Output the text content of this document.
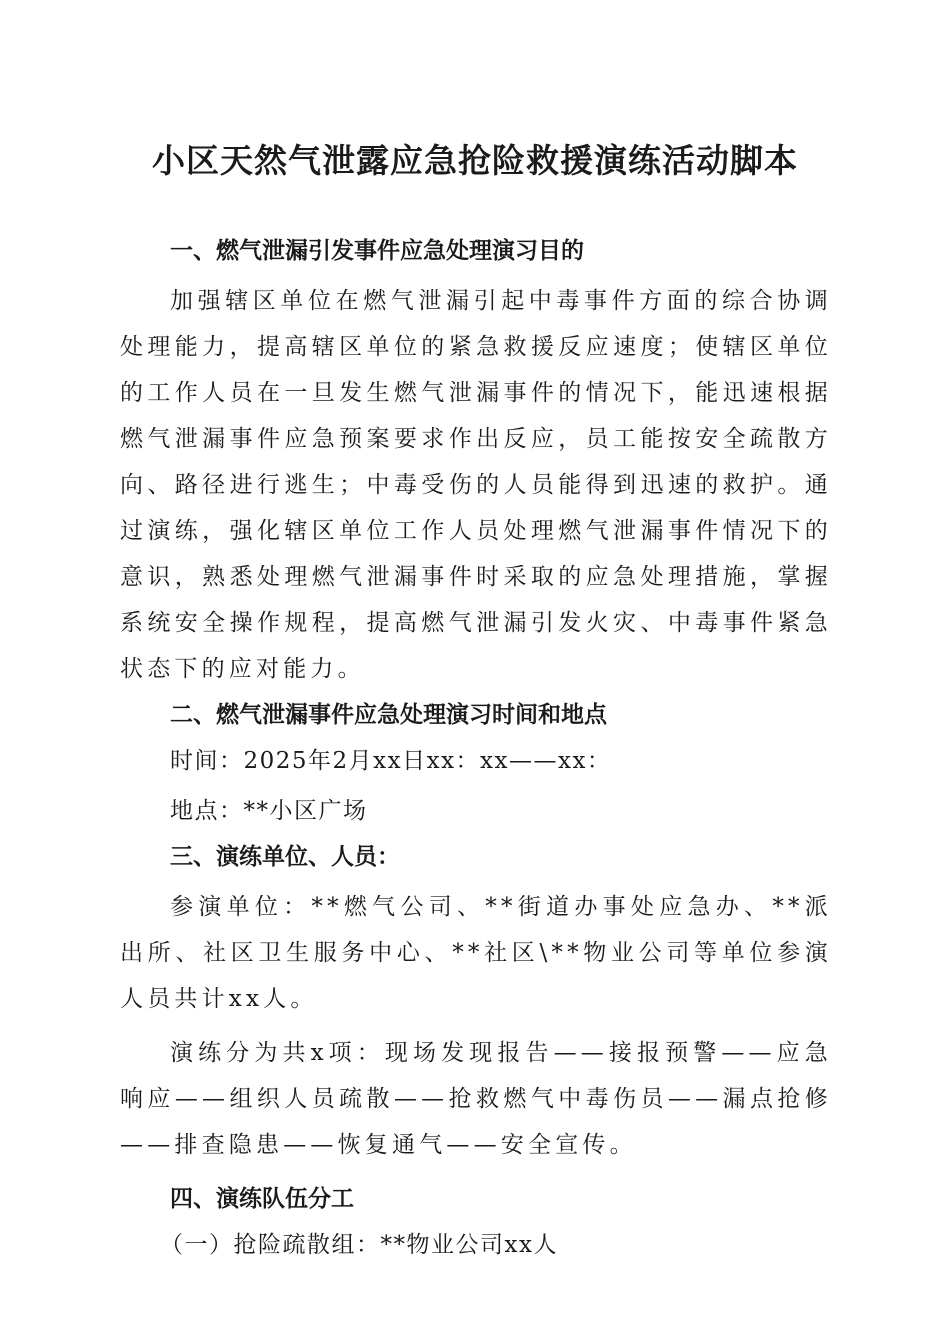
小区天然气泄露应急抢险救援演练活动脚本

一、燃气泄漏引发事件应急处理演习目的

加强辖区单位在燃气泄漏引起中毒事件方面的综合协调处理能力，提高辖区单位的紧急救援反应速度；使辖区单位的工作人员在一旦发生燃气泄漏事件的情况下，能迅速根据燃气泄漏事件应急预案要求作出反应，员工能按安全疏散方向、路径进行逃生；中毒受伤的人员能得到迅速的救护。通过演练，强化辖区单位工作人员处理燃气泄漏事件情况下的意识，熟悉处理燃气泄漏事件时采取的应急处理措施，掌握系统安全操作规程，提高燃气泄漏引发火灾、中毒事件紧急状态下的应对能力。

二、燃气泄漏事件应急处理演习时间和地点

时间：2025年2月xx日xx：xx——xx：

地点：**小区广场

三、演练单位、人员：

参演单位：**燃气公司、**街道办事处应急办、**派出所、社区卫生服务中心、**社区\**物业公司等单位参演人员共计xx人。

演练分为共x项：现场发现报告——接报预警——应急响应——组织人员疏散——抢救燃气中毒伤员——漏点抢修——排查隐患——恢复通气——安全宣传。

四、演练队伍分工

（一）抢险疏散组：**物业公司xx人
